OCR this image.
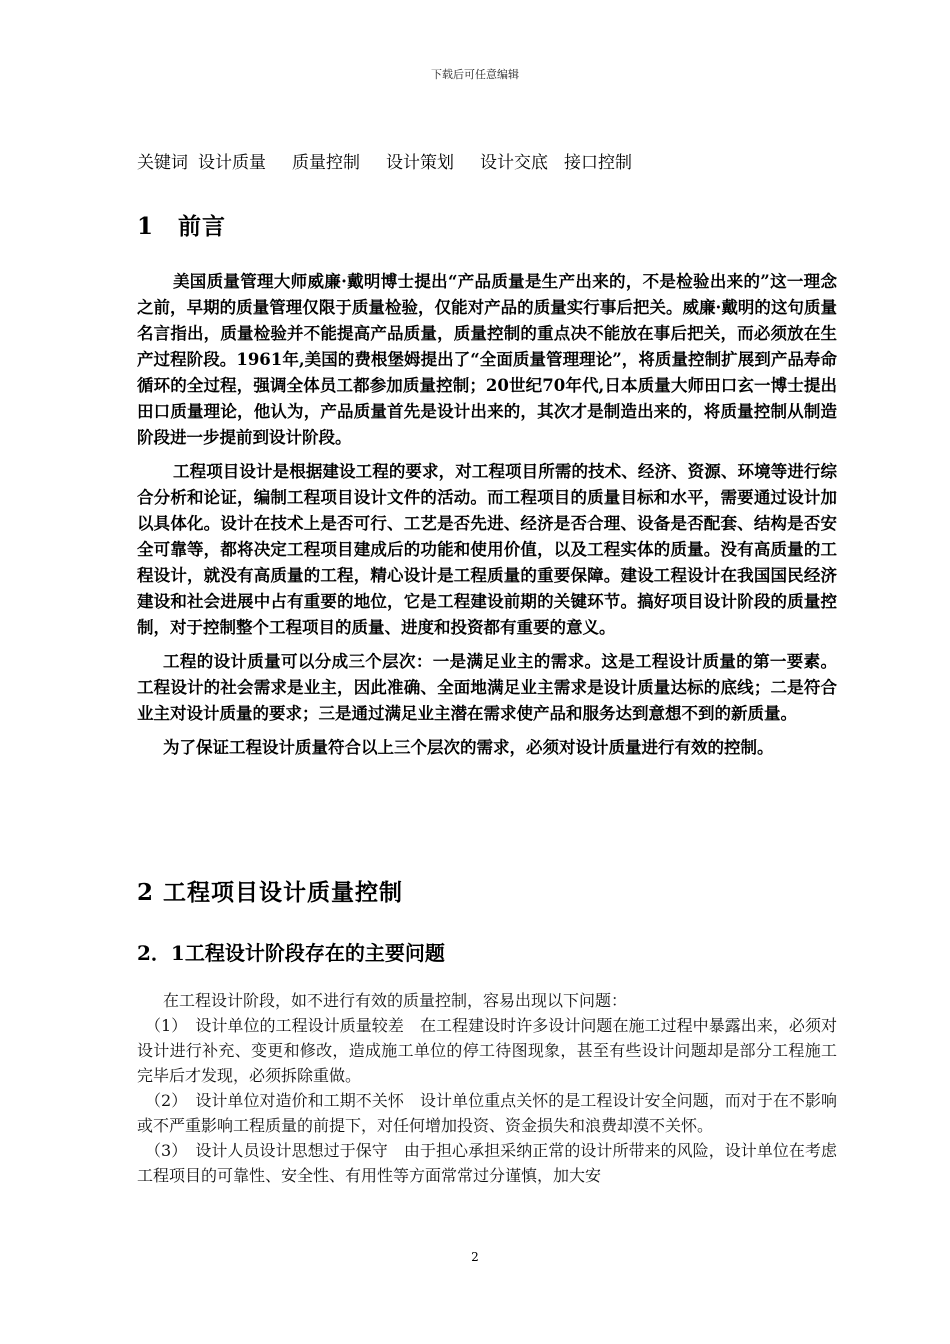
下载后可任意编辑
关键词 设计质量 质量控制 设计策划 设计交底 接口控制
1　前言

美国质量管理大师威廉·戴明博士提出“产品质量是生产出来的，不是检验出来的”这一理念之前，早期的质量管理仅限于质量检验，仅能对产品的质量实行事后把关。威廉·戴明的这句质量名言指出，质量检验并不能提高产品质量，质量控制的重点决不能放在事后把关，而必须放在生产过程阶段。1961年,美国的费根堡姆提出了“全面质量管理理论”，将质量控制扩展到产品寿命循环的全过程，强调全体员工都参加质量控制；20世纪70年代,日本质量大师田口玄一博士提出田口质量理论，他认为，产品质量首先是设计出来的，其次才是制造出来的，将质量控制从制造阶段进一步提前到设计阶段。

工程项目设计是根据建设工程的要求，对工程项目所需的技术、经济、资源、环境等进行综合分析和论证，编制工程项目设计文件的活动。而工程项目的质量目标和水平，需要通过设计加以具体化。设计在技术上是否可行、工艺是否先进、经济是否合理、设备是否配套、结构是否安全可靠等，都将决定工程项目建成后的功能和使用价值，以及工程实体的质量。没有高质量的工程设计，就没有高质量的工程，精心设计是工程质量的重要保障。建设工程设计在我国国民经济建设和社会进展中占有重要的地位，它是工程建设前期的关键环节。搞好项目设计阶段的质量控制，对于控制整个工程项目的质量、进度和投资都有重要的意义。

工程的设计质量可以分成三个层次：一是满足业主的需求。这是工程设计质量的第一要素。工程设计的社会需求是业主，因此准确、全面地满足业主需求是设计质量达标的底线；二是符合业主对设计质量的要求；三是通过满足业主潜在需求使产品和服务达到意想不到的新质量。

为了保证工程设计质量符合以上三个层次的需求，必须对设计质量进行有效的控制。

2 工程项目设计质量控制
2．1工程设计阶段存在的主要问题

在工程设计阶段，如不进行有效的质量控制，容易出现以下问题：

（1）　设计单位的工程设计质量较差　在工程建设时许多设计问题在施工过程中暴露出来，必须对设计进行补充、变更和修改，造成施工单位的停工待图现象，甚至有些设计问题却是部分工程施工完毕后才发现，必须拆除重做。

（2）　设计单位对造价和工期不关怀　设计单位重点关怀的是工程设计安全问题，而对于在不影响或不严重影响工程质量的前提下，对任何增加投资、资金损失和浪费却漠不关怀。

（3）　设计人员设计思想过于保守　由于担心承担采纳正常的设计所带来的风险，设计单位在考虑工程项目的可靠性、安全性、有用性等方面常常过分谨慎，加大安

2
